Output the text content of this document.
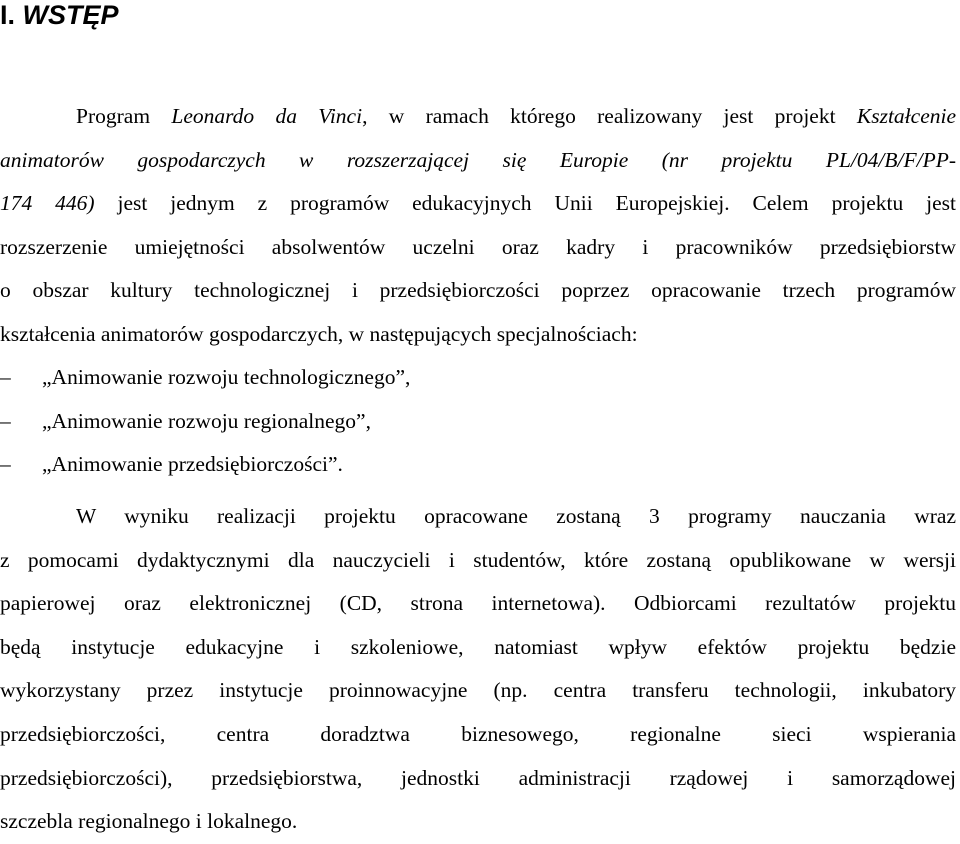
I. WSTĘP
Program Leonardo da Vinci, w ramach którego realizowany jest projekt Kształcenie
animatorów gospodarczych w rozszerzającej się Europie (nr projektu PL/04/B/F/PP-
174 446) jest jednym z programów edukacyjnych Unii Europejskiej. Celem projektu jest
rozszerzenie umiejętności absolwentów uczelni oraz kadry i pracowników przedsiębiorstw
o obszar kultury technologicznej i przedsiębiorczości poprzez opracowanie trzech programów
kształcenia animatorów gospodarczych, w następujących specjalnościach:
– „Animowanie rozwoju technologicznego”,
– „Animowanie rozwoju regionalnego”,
– „Animowanie przedsiębiorczości”.
W wyniku realizacji projektu opracowane zostaną 3 programy nauczania wraz
z pomocami dydaktycznymi dla nauczycieli i studentów, które zostaną opublikowane w wersji
papierowej oraz elektronicznej (CD, strona internetowa). Odbiorcami rezultatów projektu
będą instytucje edukacyjne i szkoleniowe, natomiast wpływ efektów projektu będzie
wykorzystany przez instytucje proinnowacyjne (np. centra transferu technologii, inkubatory
przedsiębiorczości, centra doradztwa biznesowego, regionalne sieci wspierania
przedsiębiorczości), przedsiębiorstwa, jednostki administracji rządowej i samorządowej
szczebla regionalnego i lokalnego.
